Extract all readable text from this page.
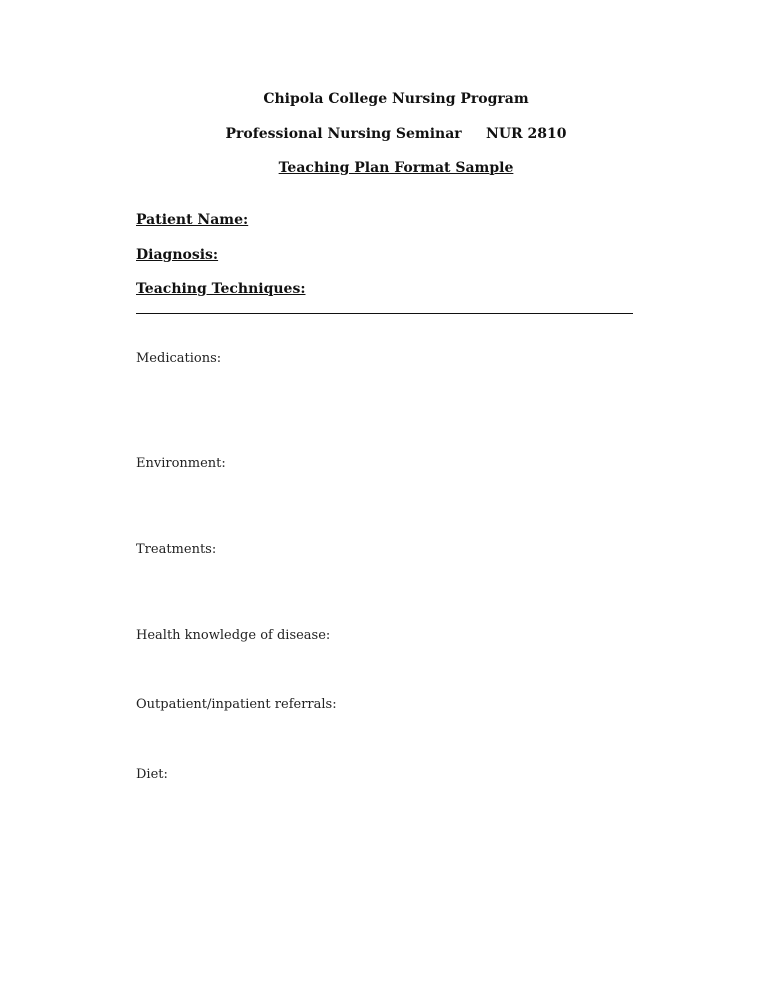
Chipola College Nursing Program
Professional Nursing Seminar     NUR 2810
Teaching Plan Format Sample
Patient Name:
Diagnosis:
Teaching Techniques:
Medications:
Environment:
Treatments:
Health knowledge of disease:
Outpatient/inpatient referrals:
Diet:
